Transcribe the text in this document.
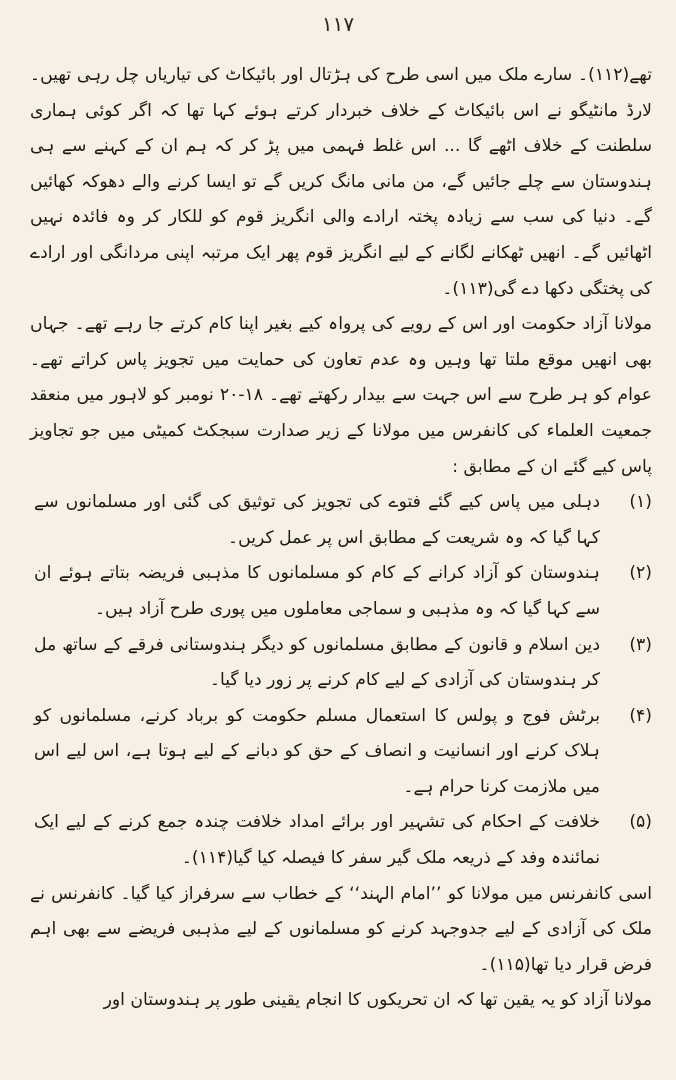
۱۱۷

تھے(۱۱۲)۔ سارے ملک میں اسی طرح کی ہڑتال اور بائیکاٹ کی تیاریاں چل رہی تھیں۔ لارڈ مانٹیگو نے اس بائیکاٹ کے خلاف خبردار کرتے ہوئے کہا تھا کہ اگر کوئی ہماری سلطنت کے خلاف اٹھے گا ... اس غلط فہمی میں پڑ کر کہ ہم ان کے کہنے سے ہی ہندوستان سے چلے جائیں گے، من مانی مانگ کریں گے تو ایسا کرنے والے دھوکہ کھائیں گے۔ دنیا کی سب سے زیادہ پختہ ارادے والی انگریز قوم کو للکار کر وہ فائدہ نہیں اٹھائیں گے۔ انھیں ٹھکانے لگانے کے لیے انگریز قوم پھر ایک مرتبہ اپنی مردانگی اور ارادے کی پختگی دکھا دے گی(۱۱۳)۔

مولانا آزاد حکومت اور اس کے رویے کی پرواہ کیے بغیر اپنا کام کرتے جا رہے تھے۔ جہاں بھی انھیں موقع ملتا تھا وہیں وہ عدم تعاون کی حمایت میں تجویز پاس کراتے تھے۔ عوام کو ہر طرح سے اس جہت سے بیدار رکھتے تھے۔ ۱۸-۲۰ نومبر کو لاہور میں منعقد جمعیت العلماء کی کانفرس میں مولانا کے زیر صدارت سبجکٹ کمیٹی میں جو تجاویز پاس کیے گئے ان کے مطابق :

(۱)
دہلی میں پاس کیے گئے فتوے کی تجویز کی توثیق کی گئی اور مسلمانوں سے کہا گیا کہ وہ شریعت کے مطابق اس پر عمل کریں۔
(۲)
ہندوستان کو آزاد کرانے کے کام کو مسلمانوں کا مذہبی فریضہ بتاتے ہوئے ان سے کہا گیا کہ وہ مذہبی و سماجی معاملوں میں پوری طرح آزاد ہیں۔
(۳)
دین اسلام و قانون کے مطابق مسلمانوں کو دیگر ہندوستانی فرقے کے ساتھ مل کر ہندوستان کی آزادی کے لیے کام کرنے پر زور دیا گیا۔
(۴)
برٹش فوج و پولس کا استعمال مسلم حکومت کو برباد کرنے، مسلمانوں کو ہلاک کرنے اور انسانیت و انصاف کے حق کو دبانے کے لیے ہوتا ہے، اس لیے اس میں ملازمت کرنا حرام ہے۔
(۵)
خلافت کے احکام کی تشہیر اور برائے امداد خلافت چندہ جمع کرنے کے لیے ایک نمائندہ وفد کے ذریعہ ملک گیر سفر کا فیصلہ کیا گیا(۱۱۴)۔

اسی کانفرنس میں مولانا کو ’’امام الہند‘‘ کے خطاب سے سرفراز کیا گیا۔ کانفرنس نے ملک کی آزادی کے لیے جدوجہد کرنے کو مسلمانوں کے لیے مذہبی فریضے سے بھی اہم فرض قرار دیا تھا(۱۱۵)۔

مولانا آزاد کو یہ یقین تھا کہ ان تحریکوں کا انجام یقینی طور پر ہندوستان اور
